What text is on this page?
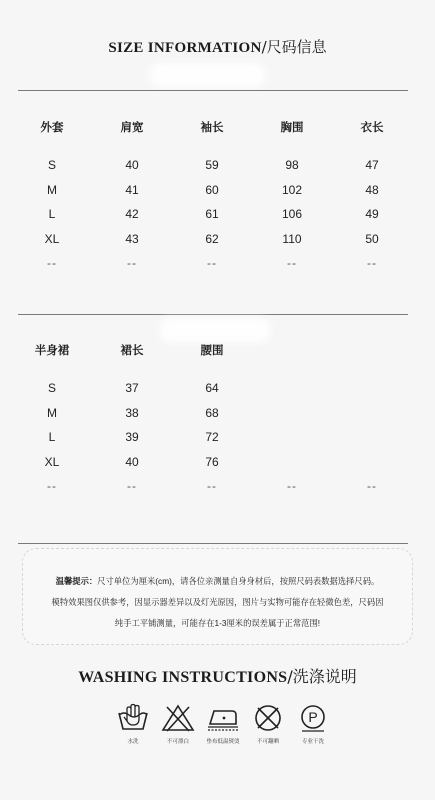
SIZE INFORMATION/尺码信息
外套	肩宽	袖长	胸围	衣长

S	40	59	98	47
M	41	60	102	48
L	42	61	106	49
XL	43	62	110	50
--	--	--	--	--
半身裙	裙长	腰围		

S	37	64		
M	38	68		
L	39	72		
XL	40	76		
--	--	--	--	--
温馨提示：尺寸单位为厘米(cm)，请各位亲测量自身身材后，按照尺码表数据选择尺码。
模特效果图仅供参考，因显示器差异以及灯光原因，图片与实物可能存在轻微色差，尺码因
纯手工平铺测量，可能存在1-3厘米的误差属于正常范围!
WASHING INSTRUCTIONS/洗涤说明
水洗	不可漂白	垫布低温熨烫	不可翻晒
P
专业干洗
